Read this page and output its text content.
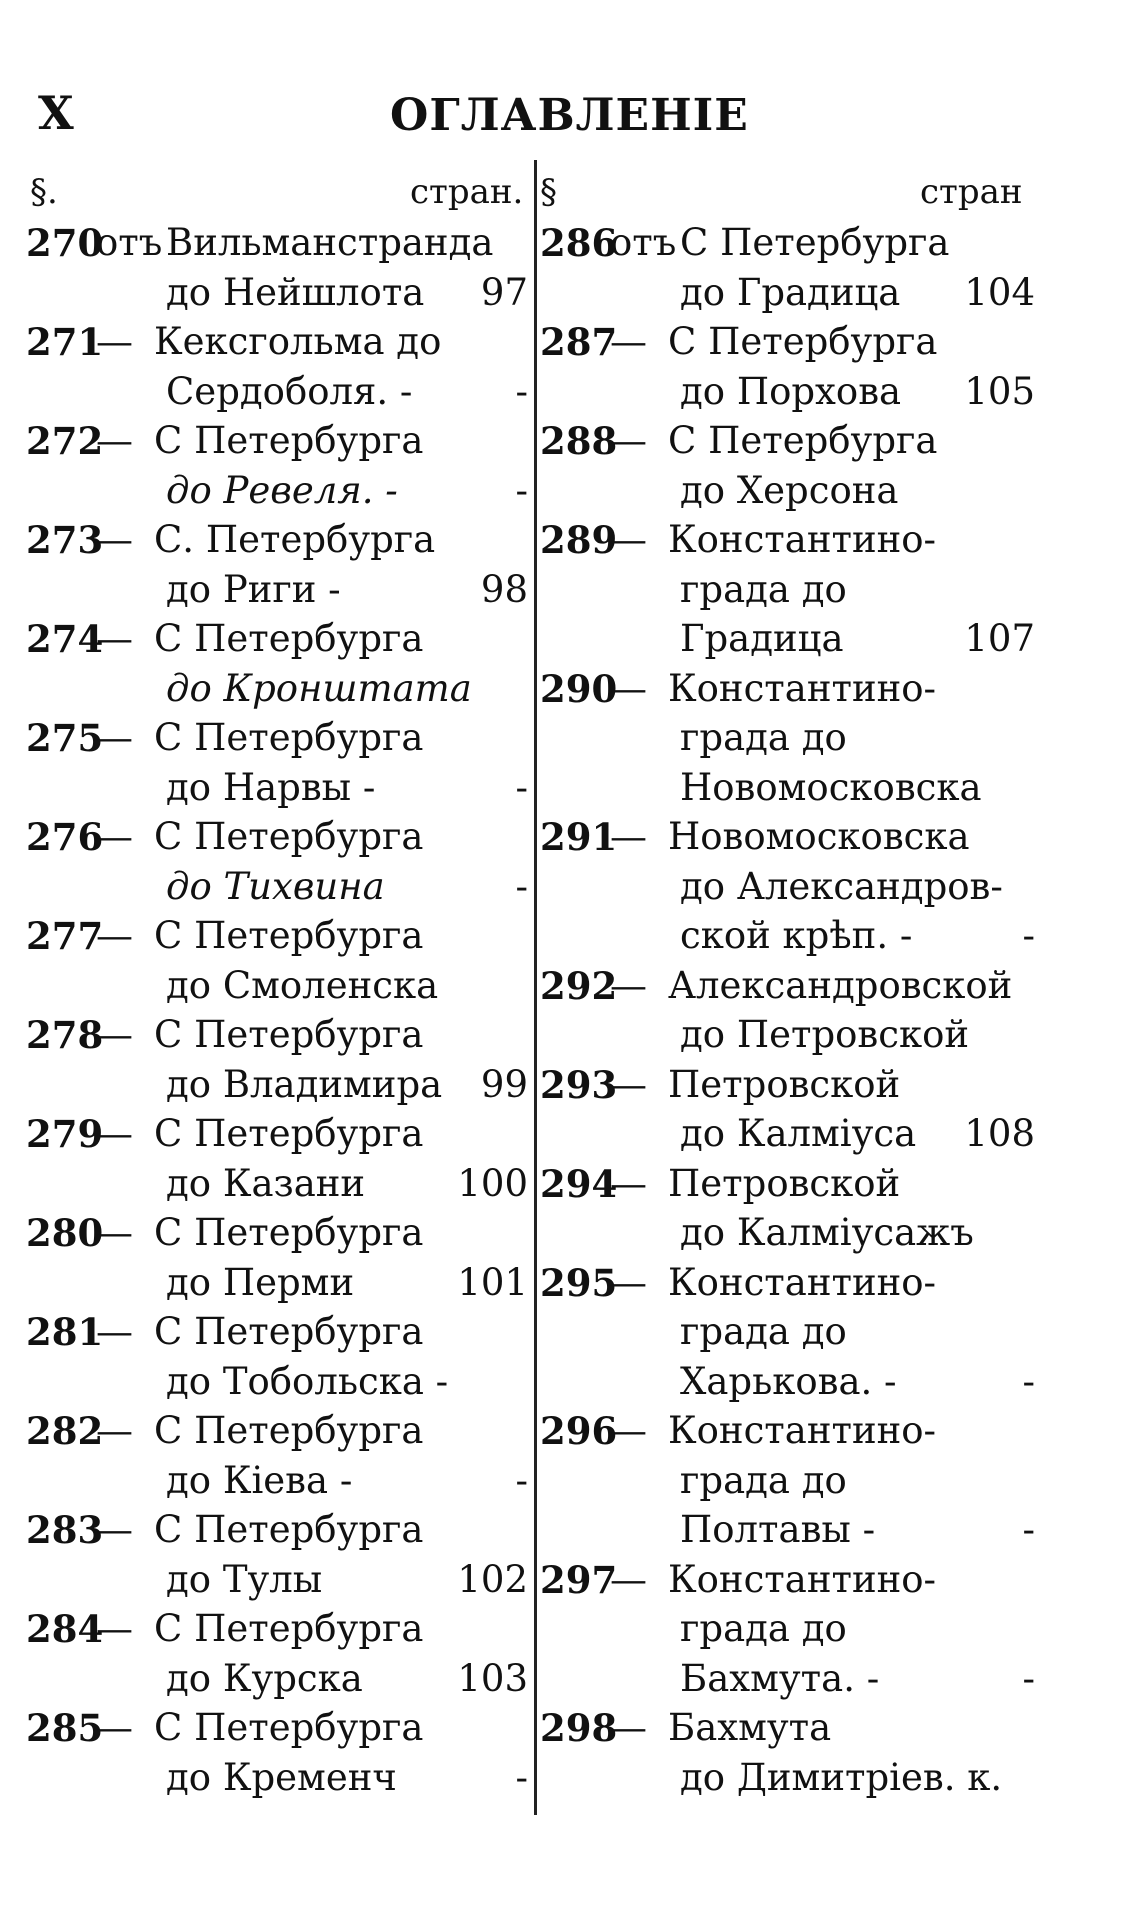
X	ОГЛАВЛЕНІЕ
§.	стран. §	стран
270
отъ Вильманстранда
до Нейшлота 97
271
— Кексгольма до
Сердоболя. -	-
272
— С Петербурга
до Ревеля. -	-
273
— С. Петербурга
до Риги -	98
274
— С Петербурга
до Кронштата
275
— С Петербурга
до Нарвы -	-
276
— С Петербурга
до Тихвина	-
277
— С Петербурга
до Смоленска
278
— С Петербурга
до Владимира 99
279
— С Петербурга
до Казани 100
280
— С Петербурга
до Перми	101
281
— С Петербурга
до Тобольска -
282
— С Петербурга
до Кіева -	-
283
— С Петербурга
до Тулы	102
284
— С Петербурга
до Курска	103
285
— С Петербурга
до Кременч	-
286
отъ С Петербурга
до Градица 104
287
— С Петербурга
до Порхова 105
288
— С Петербурга
до Херсона
289
— Константино-
града до
Градица	107
290
— Константино-
града до
Новомосковска
291
— Новомосковска
до Александров-
ской крѣп. -	-
292
— Александровской
до Петровской
293
— Петровской
до Калміуса 108
294
— Петровской
до Калміусажъ
295
— Константино-
града до
Харькова. -	-
296
— Константино-
града до
Полтавы -	-
297
— Константино-
града до
Бахмута. -	-
298
— Бахмута
до Димитріев. к.
